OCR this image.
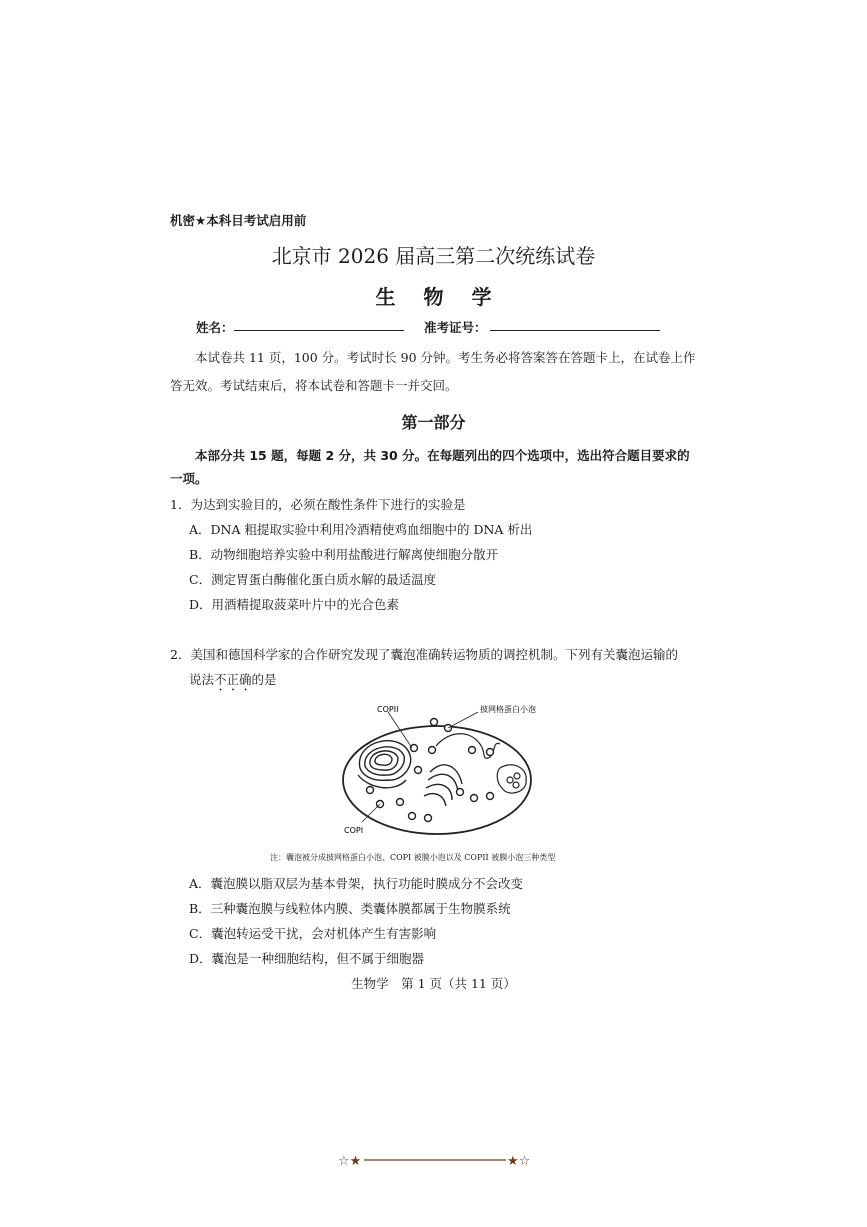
机密★本科目考试启用前
北京市 2026 届高三第二次统练试卷
生物学
姓名：	准考证号：
本试卷共 11 页，100 分。考试时长 90 分钟。考生务必将答案答在答题卡上，在试卷上作
答无效。考试结束后，将本试卷和答题卡一并交回。
第一部分
本部分共 15 题，每题 2 分，共 30 分。在每题列出的四个选项中，选出符合题目要求的
一项。
1．为达到实验目的，必须在酸性条件下进行的实验是
A．DNA 粗提取实验中利用冷酒精使鸡血细胞中的 DNA 析出
B．动物细胞培养实验中利用盐酸进行解离使细胞分散开
C．测定胃蛋白酶催化蛋白质水解的最适温度
D．用酒精提取菠菜叶片中的光合色素
2．美国和德国科学家的合作研究发现了囊泡准确转运物质的调控机制。下列有关囊泡运输的
说法不正确的是
COPII	披网格蛋白小泡
COPI
注：囊泡被分成披网格蛋白小泡、COPI 被膜小泡以及 COPII 被膜小泡三种类型
A．囊泡膜以脂双层为基本骨架，执行功能时膜成分不会改变
B．三种囊泡膜与线粒体内膜、类囊体膜都属于生物膜系统
C．囊泡转运受干扰，会对机体产生有害影响
D．囊泡是一种细胞结构，但不属于细胞器
生物学　第 1 页（共 11 页）
☆★	★☆
